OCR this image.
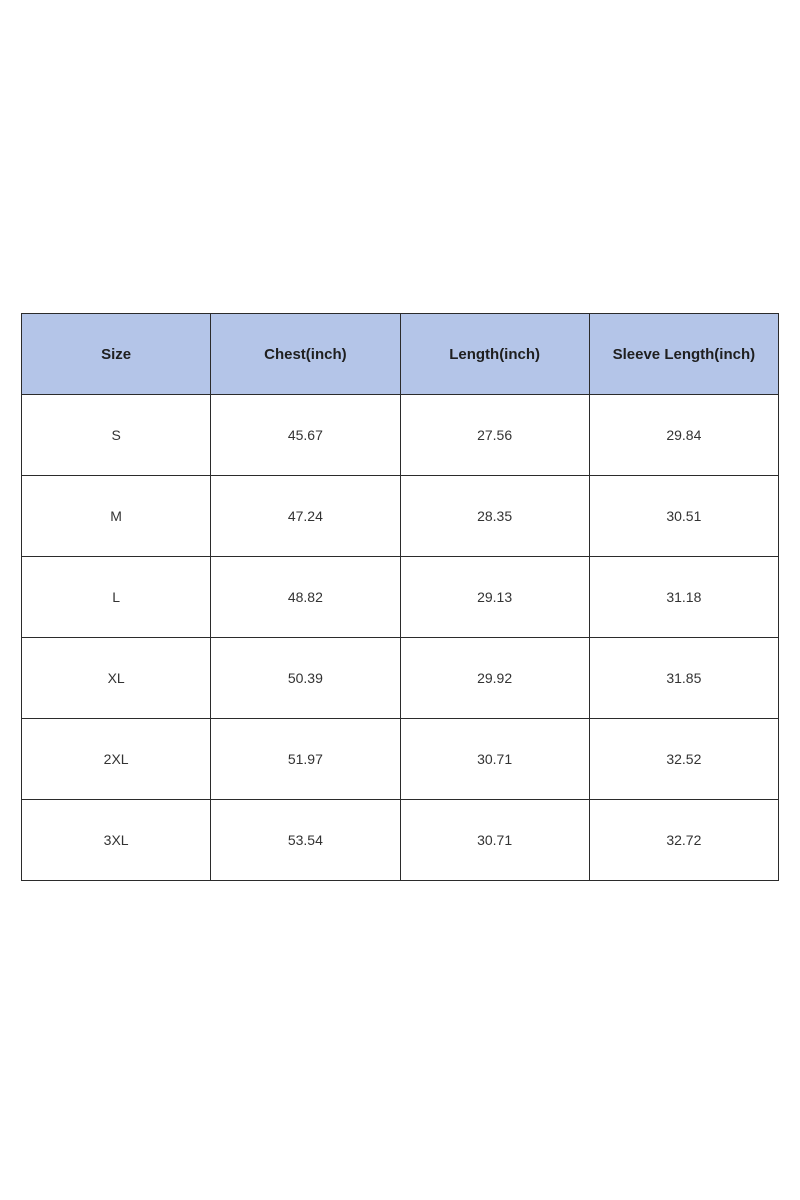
Size	Chest(inch)	Length(inch)	Sleeve Length(inch)
S	45.67	27.56	29.84
M	47.24	28.35	30.51
L	48.82	29.13	31.18
XL	50.39	29.92	31.85
2XL	51.97	30.71	32.52
3XL	53.54	30.71	32.72
